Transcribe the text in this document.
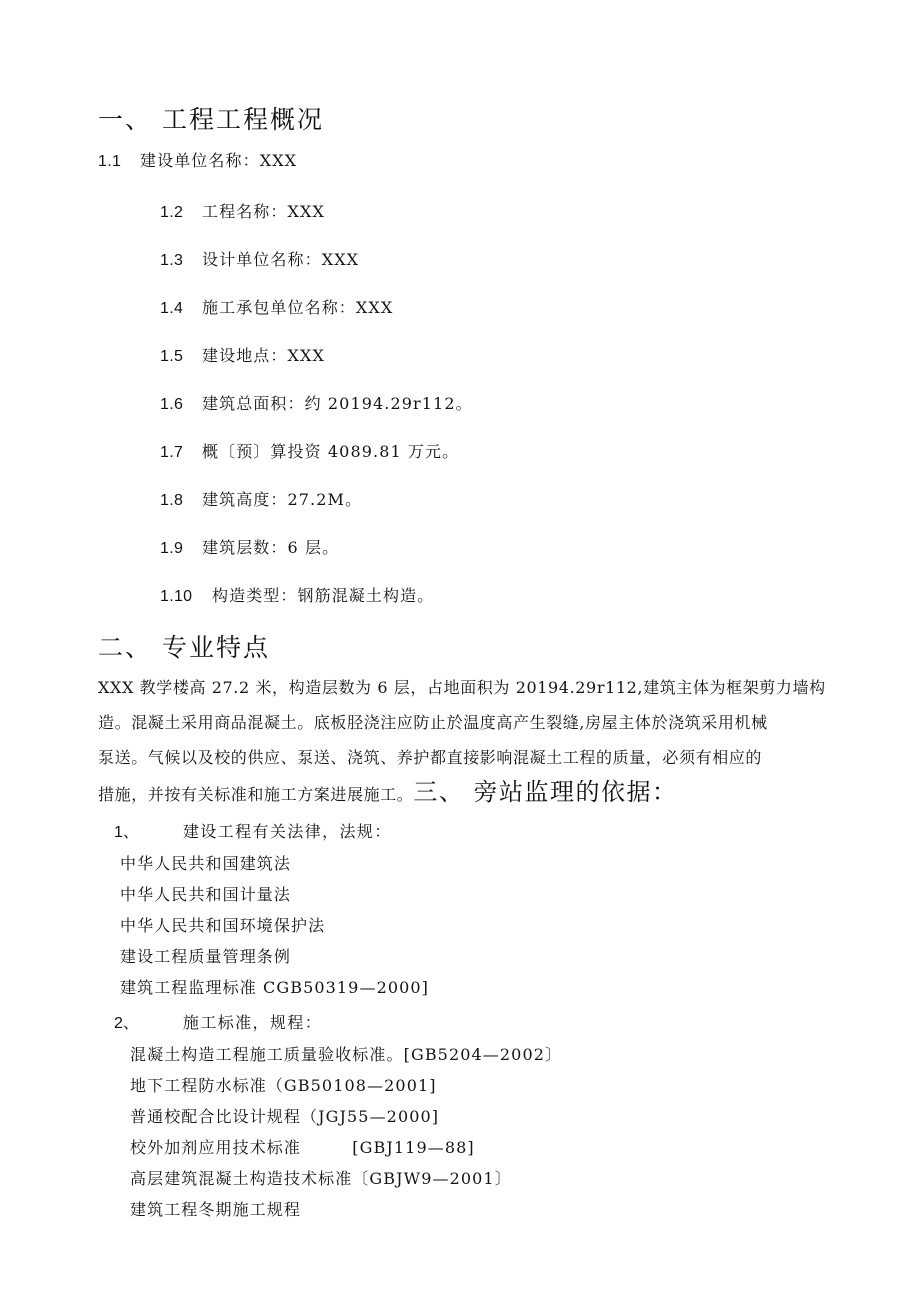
一、 工程工程概况
1.1	建设单位名称：XXX
1.2	工程名称：XXX
1.3	设计单位名称：XXX
1.4	施工承包单位名称：XXX
1.5	建设地点：XXX
1.6	建筑总面积：约 20194.29r112。
1.7	概〔预〕算投资 4089.81 万元。
1.8	建筑高度：27.2M。
1.9	建筑层数：6 层。
1.10	构造类型：钢筋混凝土构造。
二、 专业特点

XXX 教学楼高 27.2 米，构造层数为 6 层，占地面积为 20194.29r112,建筑主体为框架剪力墙构
造。混凝土采用商品混凝土。底板胫浇注应防止於温度高产生裂缝,房屋主体於浇筑采用机械
泵送。气候以及校的供应、泵送、浇筑、养护都直接影响混凝土工程的质量，必须有相应的
措施，并按有关标准和施工方案进展施工。三、 旁站监理的依据：

1 、	建设工程有关法律，法规：
中华人民共和国建筑法
中华人民共和国计量法
中华人民共和国环境保护法
建设工程质量管理条例
建筑工程监理标准 CGB50319—2000]
2 、	施工标准，规程：
混凝土构造工程施工质量验收标准。[GB5204—2002〕
地下工程防水标准（GB50108—2001]
普通校配合比设计规程（JGJ55—2000]
校外加剂应用技术标准　　　[GBJ119—88]
高层建筑混凝土构造技术标准〔GBJW9—2001〕
建筑工程冬期施工规程
